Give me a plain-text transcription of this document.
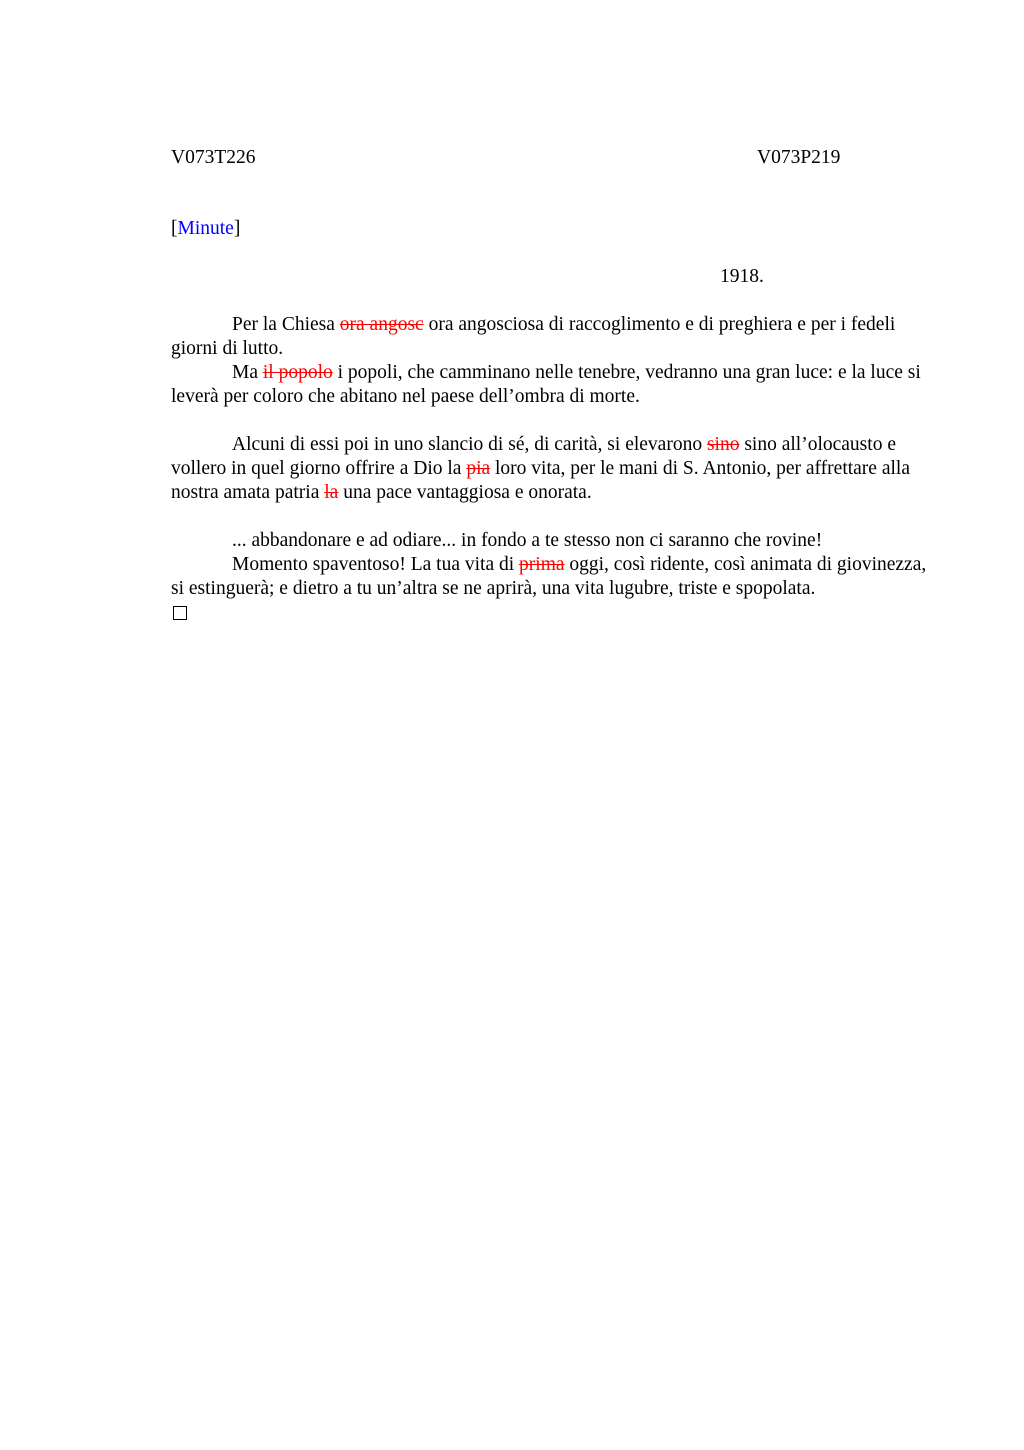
V073T226	V073P219
[Minute]
1918.

Per la Chiesa ora angosc ora angosciosa di raccoglimento e di preghiera e per i fedeli giorni di lutto.

Ma il popolo i popoli, che camminano nelle tenebre, vedranno una gran luce: e la luce si leverà per coloro che abitano nel paese dell’ombra di morte.

Alcuni di essi poi in uno slancio di sé, di carità, si elevarono sino sino all’olocausto e vollero in quel giorno offrire a Dio la pia loro vita, per le mani di S. Antonio, per affrettare alla nostra amata patria la una pace vantaggiosa e onorata.

... abbandonare e ad odiare... in fondo a te stesso non ci saranno che rovine!

Momento spaventoso! La tua vita di prima oggi, così ridente, così animata di giovinezza, si estinguerà; e dietro a tu un’altra se ne aprirà, una vita lugubre, triste e spopolata.
